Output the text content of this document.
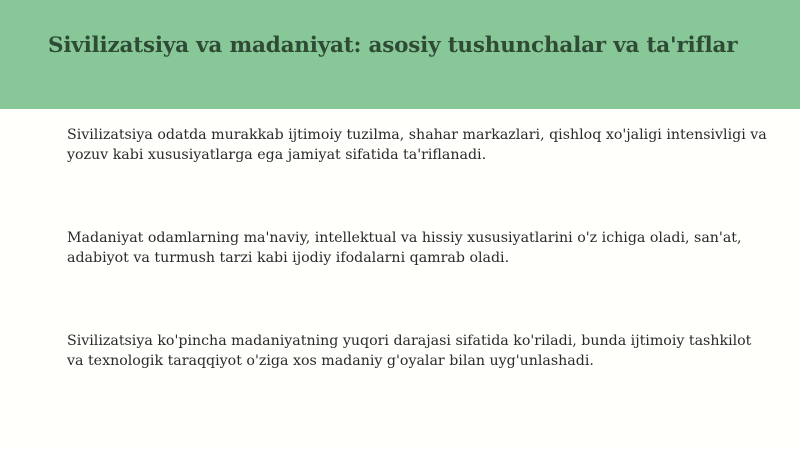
Sivilizatsiya va madaniyat: asosiy tushunchalar va ta'riflar

Sivilizatsiya odatda murakkab ijtimoiy tuzilma, shahar markazlari, qishloq xo'jaligi intensivligi va yozuv kabi xususiyatlarga ega jamiyat sifatida ta'riflanadi.

Madaniyat odamlarning ma'naviy, intellektual va hissiy xususiyatlarini o'z ichiga oladi, san'at, adabiyot va turmush tarzi kabi ijodiy ifodalarni qamrab oladi.

Sivilizatsiya ko'pincha madaniyatning yuqori darajasi sifatida ko'riladi, bunda ijtimoiy tashkilot va texnologik taraqqiyot o'ziga xos madaniy g'oyalar bilan uyg'unlashadi.
